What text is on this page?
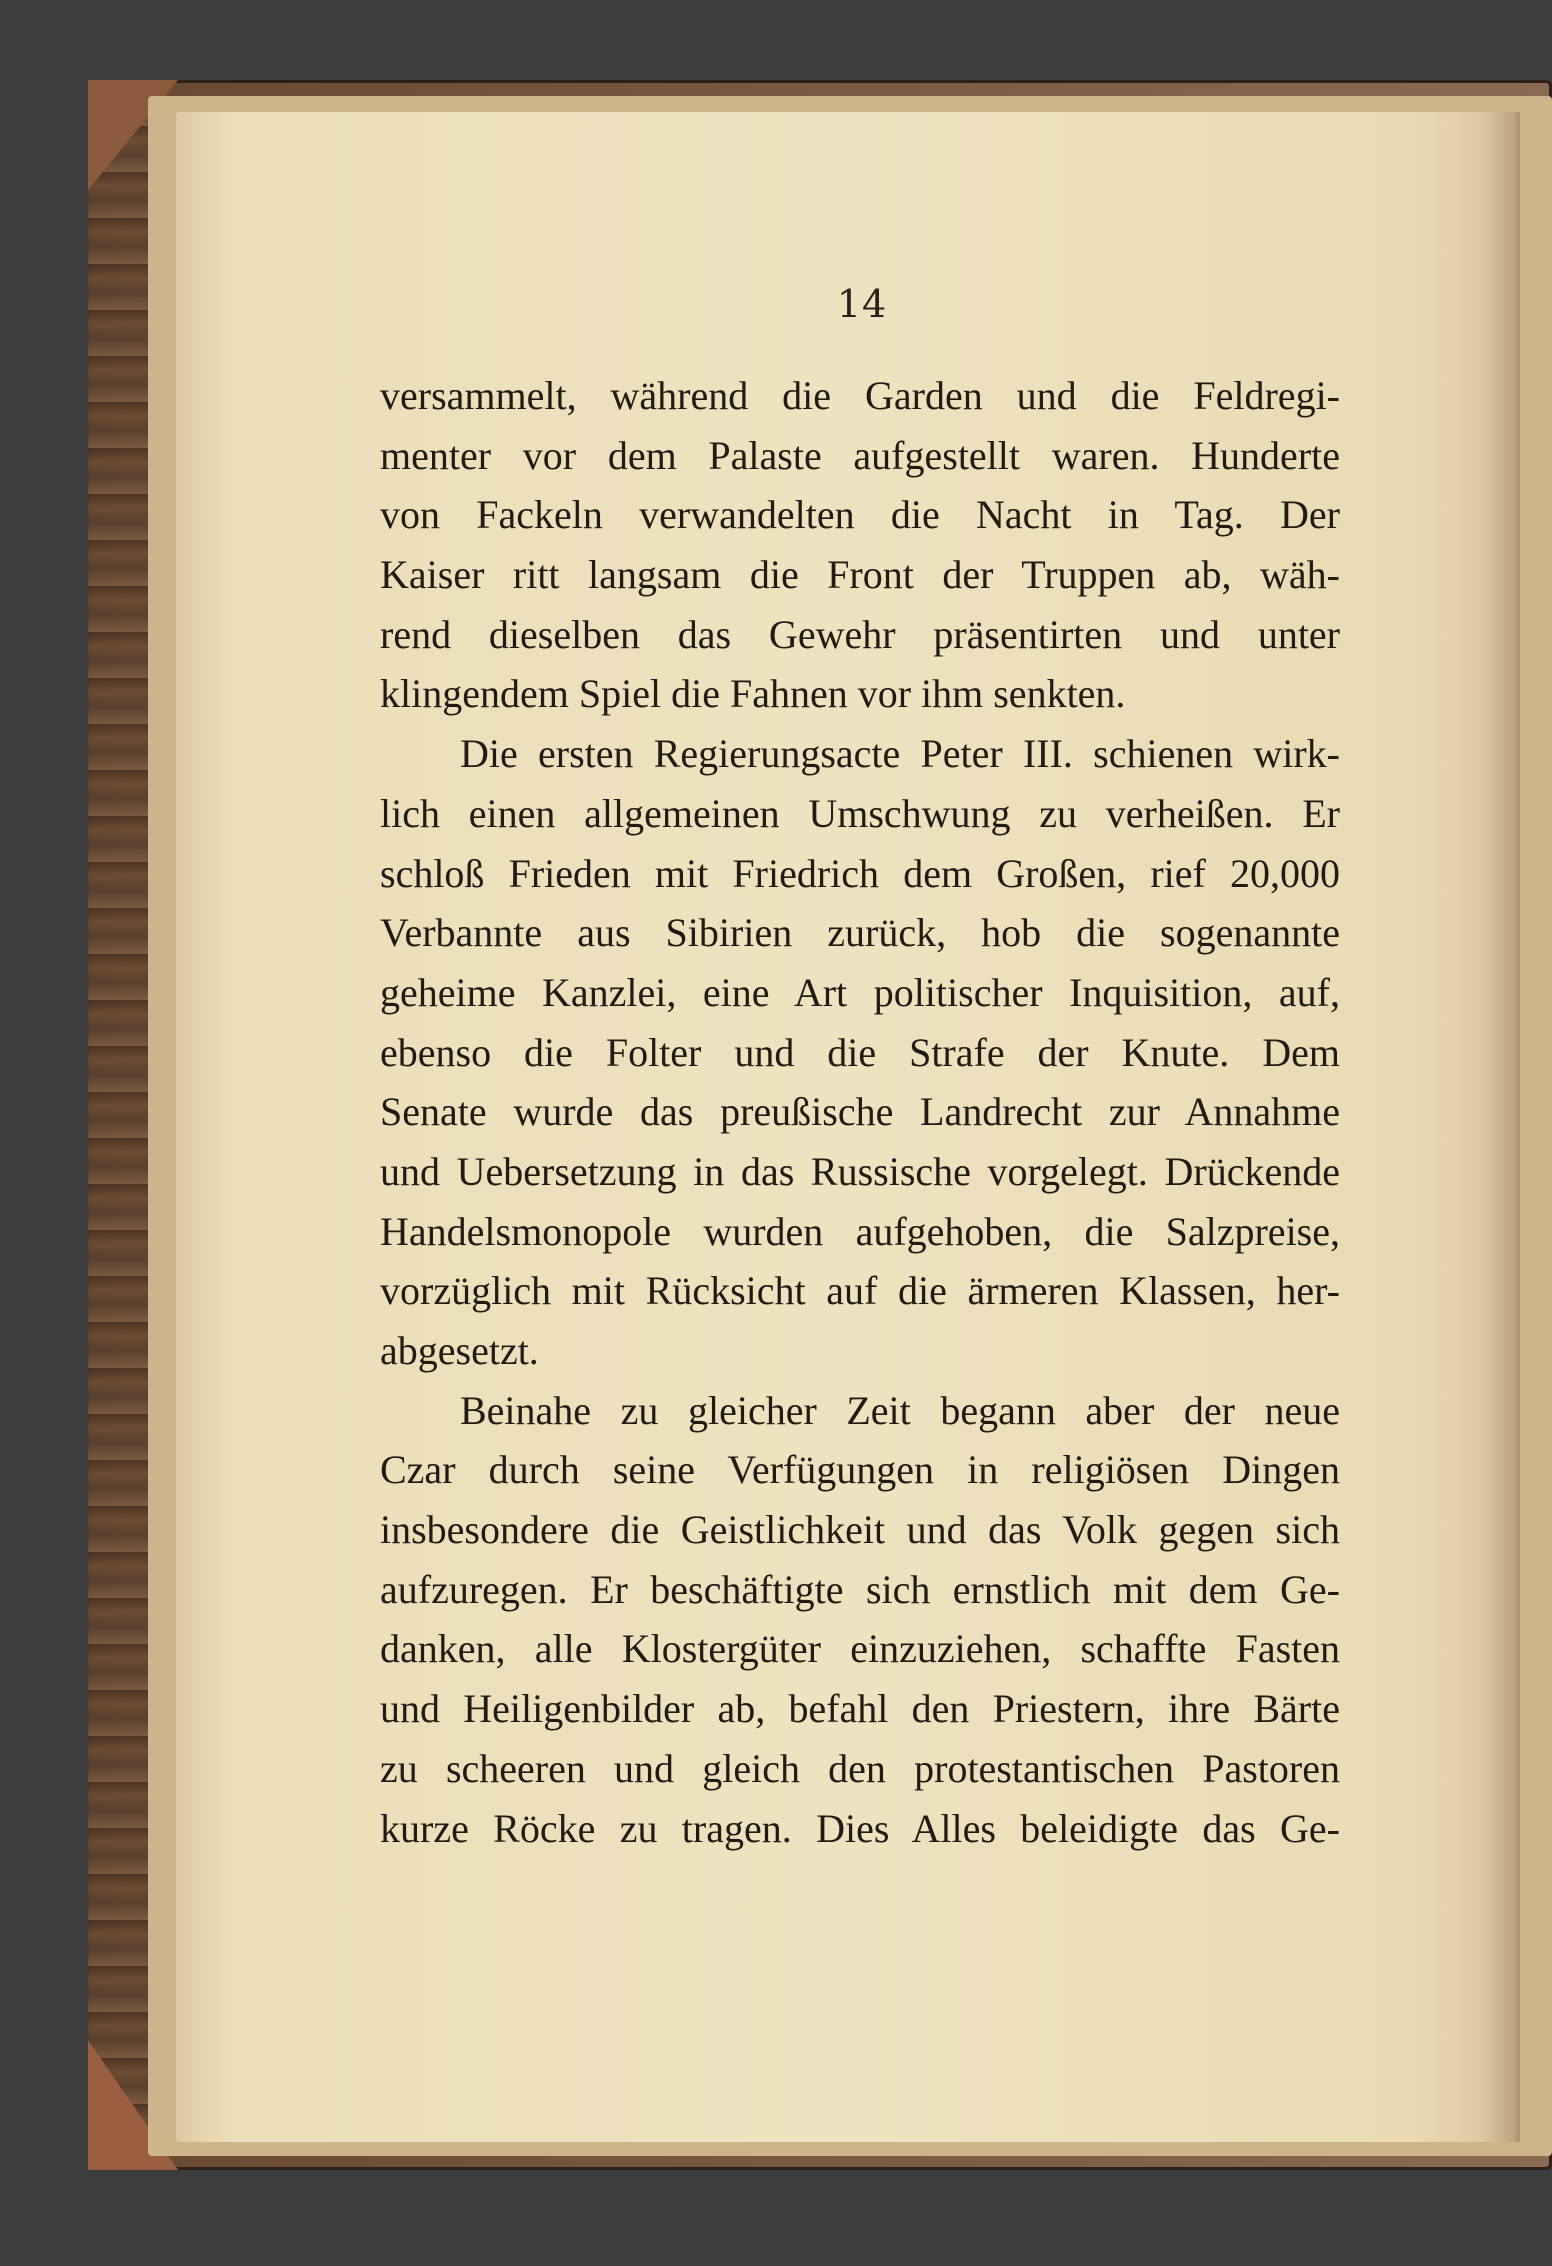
14
versammelt, während die Garden und die Feldregi-
menter vor dem Palaste aufgestellt waren. Hunderte
von Fackeln verwandelten die Nacht in Tag. Der
Kaiser ritt langsam die Front der Truppen ab, wäh-
rend dieselben das Gewehr präsentirten und unter
klingendem Spiel die Fahnen vor ihm senkten.
Die ersten Regierungsacte Peter III. schienen wirk-
lich einen allgemeinen Umschwung zu verheißen. Er
schloß Frieden mit Friedrich dem Großen, rief 20,000
Verbannte aus Sibirien zurück, hob die sogenannte
geheime Kanzlei, eine Art politischer Inquisition, auf,
ebenso die Folter und die Strafe der Knute. Dem
Senate wurde das preußische Landrecht zur Annahme
und Uebersetzung in das Russische vorgelegt. Drückende
Handelsmonopole wurden aufgehoben, die Salzpreise,
vorzüglich mit Rücksicht auf die ärmeren Klassen, her-
abgesetzt.
Beinahe zu gleicher Zeit begann aber der neue
Czar durch seine Verfügungen in religiösen Dingen
insbesondere die Geistlichkeit und das Volk gegen sich
aufzuregen. Er beschäftigte sich ernstlich mit dem Ge-
danken, alle Klostergüter einzuziehen, schaffte Fasten
und Heiligenbilder ab, befahl den Priestern, ihre Bärte
zu scheeren und gleich den protestantischen Pastoren
kurze Röcke zu tragen. Dies Alles beleidigte das Ge-
